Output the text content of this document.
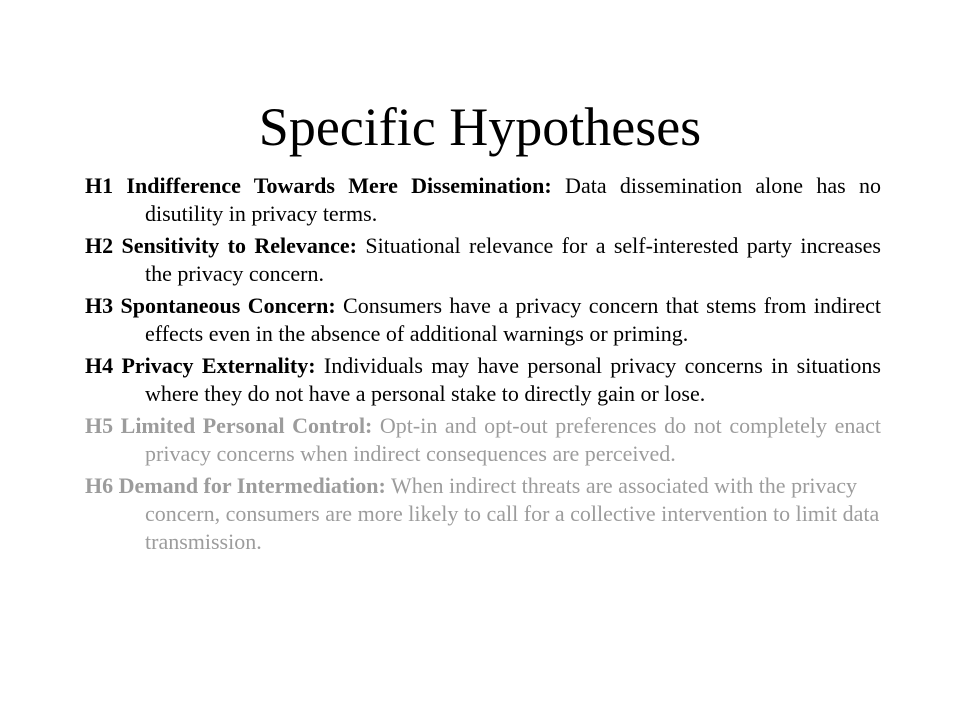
Specific Hypotheses

H1 Indifference Towards Mere Dissemination: Data dissemination alone has no disutility in privacy terms.

H2 Sensitivity to Relevance: Situational relevance for a self-interested party increases the privacy concern.

H3 Spontaneous Concern: Consumers have a privacy concern that stems from indirect effects even in the absence of additional warnings or priming.

H4 Privacy Externality: Individuals may have personal privacy concerns in situations where they do not have a personal stake to directly gain or lose.

H5 Limited Personal Control: Opt-in and opt-out preferences do not completely enact privacy concerns when indirect consequences are perceived.

H6 Demand for Intermediation: When indirect threats are associated with the privacy concern, consumers are more likely to call for a collective intervention to limit data transmission.
